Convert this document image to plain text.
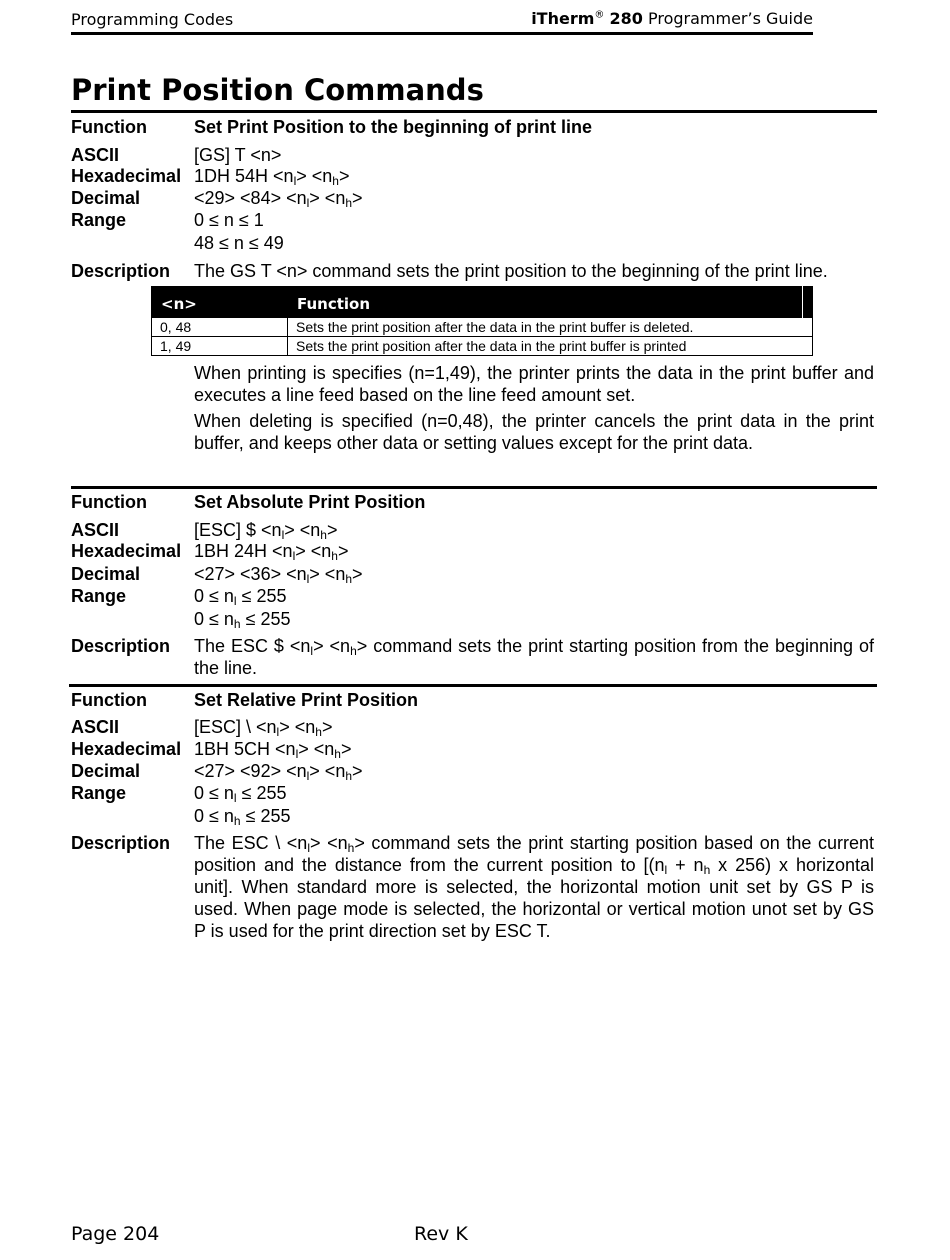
Programming Codes	iTherm® 280 Programmer’s Guide
Print Position Commands
Function	Set Print Position to the beginning of print line
ASCII	[GS] T <n>
Hexadecimal 1DH $54H <n_l> <n_h>$
Decimal	$<29> <84> <n_l> <n_h>$
Range	0 ≤ n ≤ 1
48 ≤ n ≤ 49
Description The GS T <n> command sets the print position to the beginning of the print line.
<n>	Function
0, 48	Sets the print position after the data in the print buffer is deleted.
1, 49	Sets the print position after the data in the print buffer is printed
When printing is specifies (n=1,49), the printer prints the data in the print buffer and executes a line feed based on the line feed amount set.
When deleting is specified (n=0,48), the printer cancels the print data in the print buffer, and keeps other data or setting values except for the print data.
Function	Set Absolute Print Position
ASCII	[ESC] $ $<n_l> <n_h>$
Hexadecimal 1BH $24H <n_l> <n_h>$
Decimal	$<27> <36> <n_l> <n_h>$
Range	$0 \le n_l \le 255$
$0 \le n_h \le 255$
Description The ESC $ $<n_l> <n_h>$ command sets the print starting position from the beginning of the line.
Function	Set Relative Print Position
ASCII	[ESC] \ $<n_l> <n_h>$
Hexadecimal 1BH $5CH <n_l> <n_h>$
Decimal	$<27> <92> <n_l> <n_h>$
Range	$0 \le n_l \le 255$
$0 \le n_h \le 255$
Description The ESC \ $<n_l> <n_h>$ command sets the print starting position based on the current position and the distance from the current position to [($n_l + n_h$ x 256) x horizontal unit]. When standard more is selected, the horizontal motion unit set by GS P is used. When page mode is selected, the horizontal or vertical motion unot set by GS P is used for the print direction set by ESC T.
Page 204	Rev K
